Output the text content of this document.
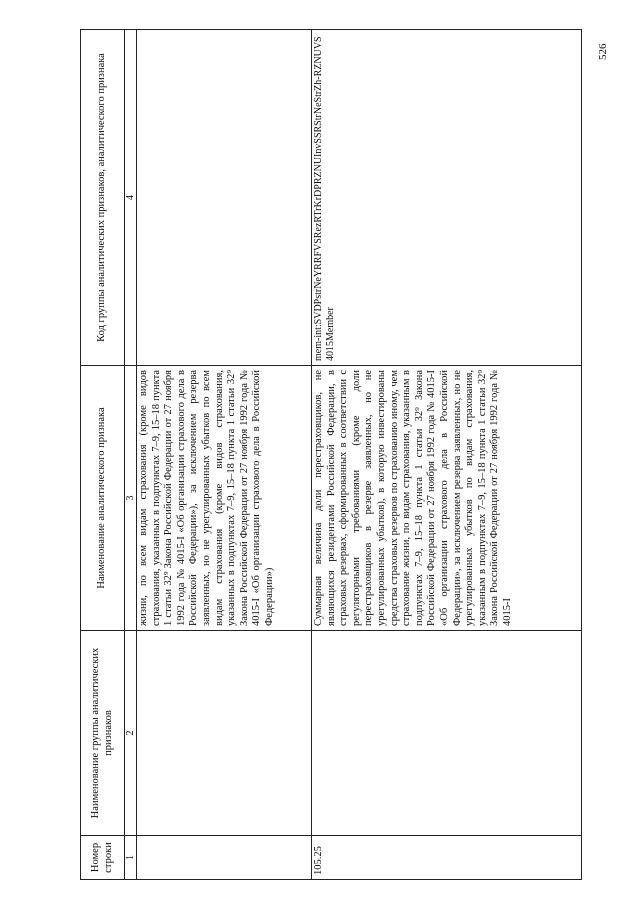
526
Номер строки	Наименование группы аналитических признаков	Наименование аналитического признака	Код группы аналитических признаков, аналитического признака
1	2	3	4
		жизни, по всем видам страхования (кроме видов страхования, указанных в подпунктах 7–9, 15–18 пункта 1 статьи 32⁹ Закона Российской Федерации от 27 ноября 1992 года № 4015-I «Об организации страхового дела в Российской Федерации»), за исключением резерва заявленных, но не урегулированных убытков по всем видам страхования (кроме видов страхования, указанных в подпунктах 7–9, 15–18 пункта 1 статьи 32⁹ Закона Российской Федерации от 27 ноября 1992 года № 4015-I «Об организации страхового дела в Российской Федерации»)	
105.25		Суммарная величина доли перестраховщиков, не являющихся резидентами Российской Федерации, в страховых резервах, сформированных в соответствии с регуляторными требованиями (кроме доли перестраховщиков в резерве заявленных, но не урегулированных убытков), в которую инвестированы средства страховых резервов по страхованию иному, чем страхование жизни, по видам страхования, указанным в подпунктах 7–9, 15–18 пункта 1 статьи 32⁹ Закона Российской Федерации от 27 ноября 1992 года № 4015-I «Об организации страхового дела в Российской Федерации», за исключением резерва заявленных, но не урегулированных убытков по видам страхования, указанным в подпунктах 7–9, 15–18 пункта 1 статьи 32⁹ Закона Российской Федерации от 27 ноября 1992 года № 4015-I	mem-int:SVDPstrNeYRRFVSRezRTrKrDPRZNUInvSSRStrNeStrZh-RZNUVS4015Member
